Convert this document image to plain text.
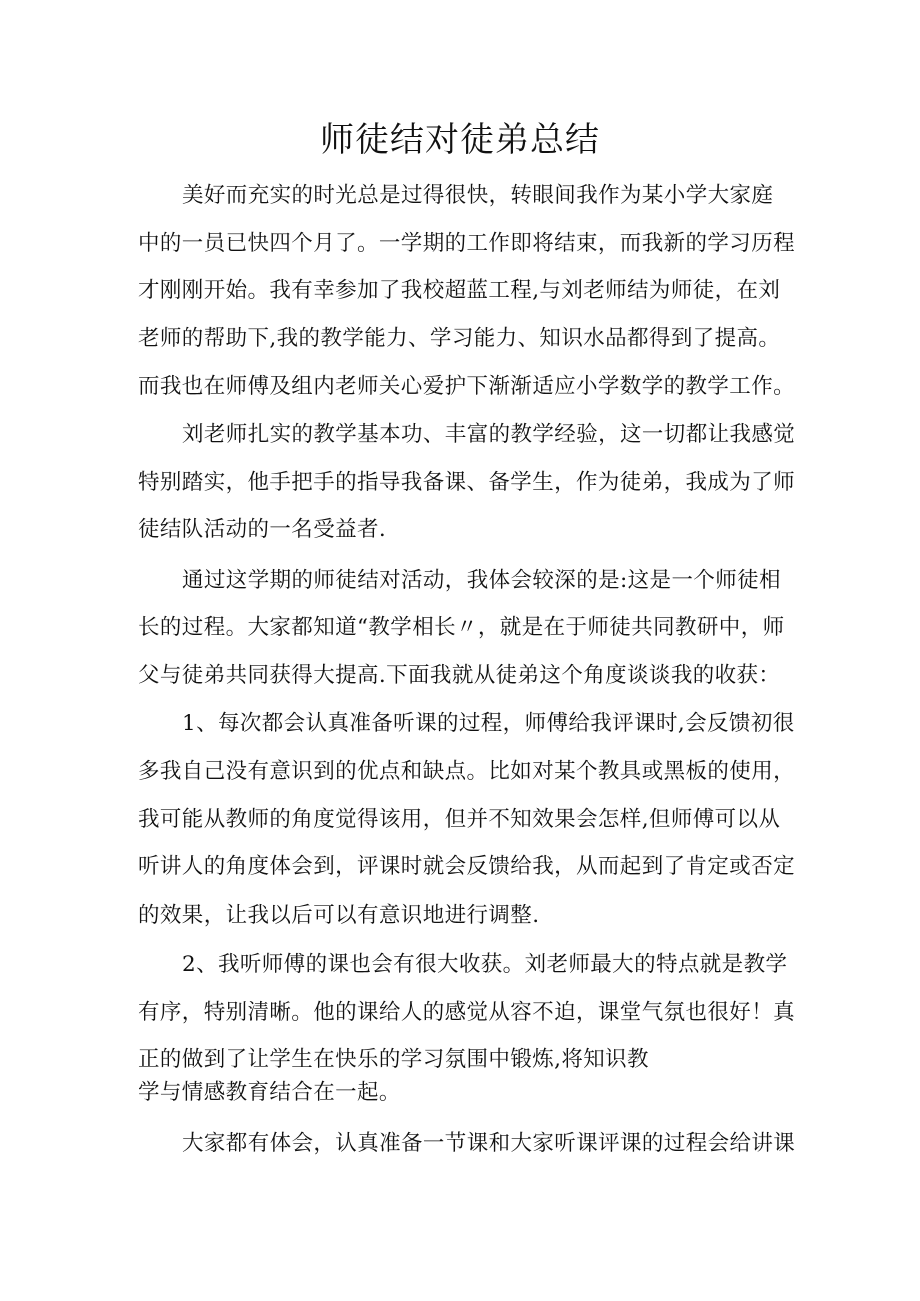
师徒结对徒弟总结
美好而充实的时光总是过得很快，转眼间我作为某小学大家庭
中的一员已快四个月了。一学期的工作即将结束，而我新的学习历程
才刚刚开始。我有幸参加了我校超蓝工程,与刘老师结为师徒，在刘
老师的帮助下,我的教学能力、学习能力、知识水品都得到了提高。
而我也在师傅及组内老师关心爱护下渐渐适应小学数学的教学工作。
刘老师扎实的教学基本功、丰富的教学经验，这一切都让我感觉
特别踏实，他手把手的指导我备课、备学生，作为徒弟，我成为了师
徒结队活动的一名受益者.
通过这学期的师徒结对活动，我体会较深的是:这是一个师徒相
长的过程。大家都知道“教学相长〃，就是在于师徒共同教研中，师
父与徒弟共同获得大提高.下面我就从徒弟这个角度谈谈我的收获：
1、每次都会认真准备听课的过程，师傅给我评课时,会反馈初很
多我自己没有意识到的优点和缺点。比如对某个教具或黑板的使用，
我可能从教师的角度觉得该用，但并不知效果会怎样,但师傅可以从
听讲人的角度体会到，评课时就会反馈给我，从而起到了肯定或否定
的效果，让我以后可以有意识地进行调整.
2、我听师傅的课也会有很大收获。刘老师最大的特点就是教学
有序，特别清晰。他的课给人的感觉从容不迫，课堂气氛也很好！真
正的做到了让学生在快乐的学习氛围中锻炼,将知识教
学与情感教育结合在一起。
大家都有体会，认真准备一节课和大家听课评课的过程会给讲课
